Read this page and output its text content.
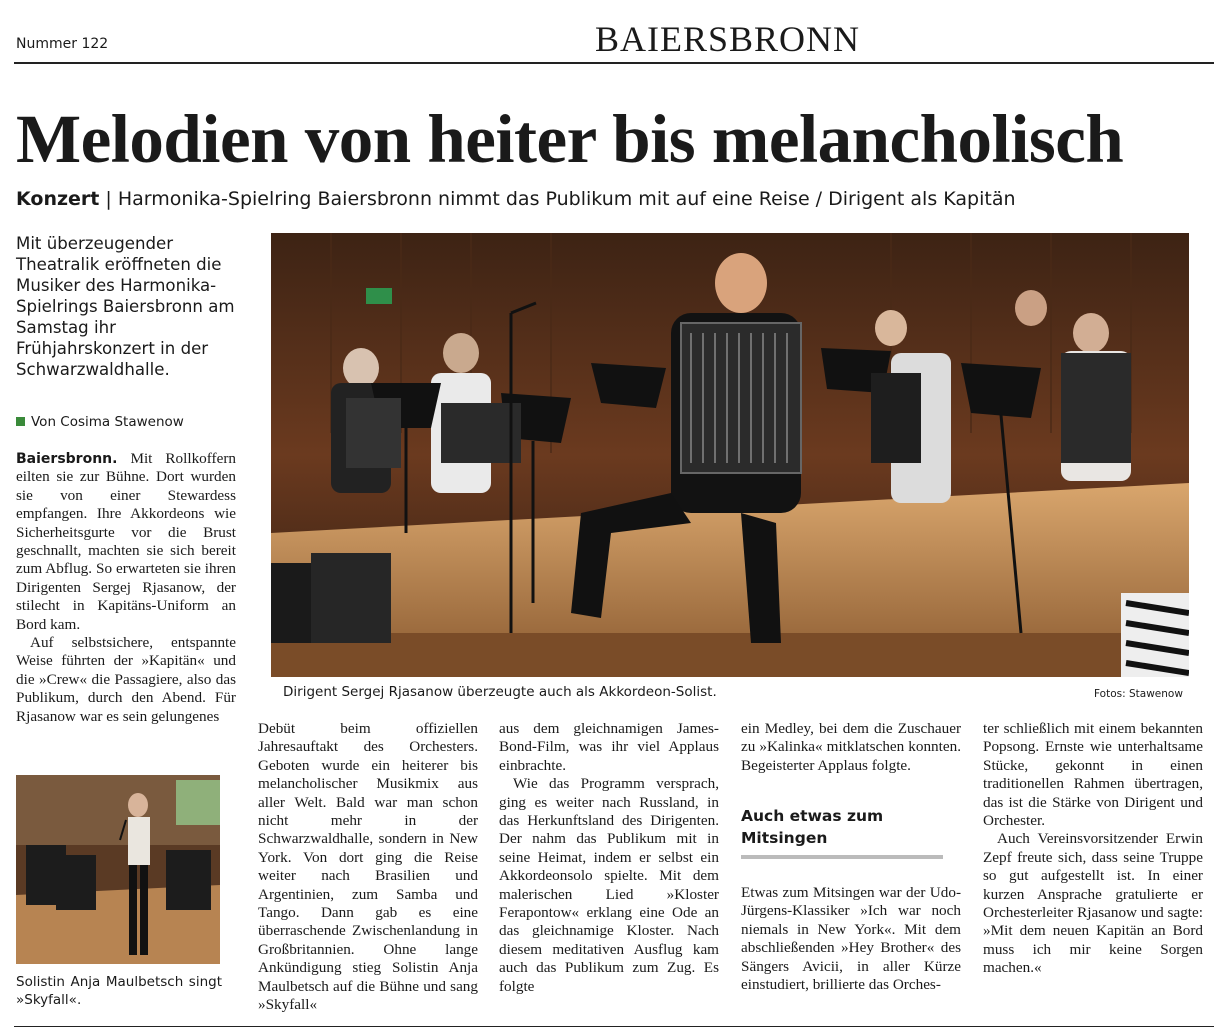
Nummer 122	BAIERSBRONN
Melodien von heiter bis melancholisch
Konzert | Harmonika-Spielring Baiersbronn nimmt das Publikum mit auf eine Reise / Dirigent als Kapitän
Mit überzeugender Theatralik eröffneten die Musiker des Harmonika-Spielrings Baiersbronn am Samstag ihr Frühjahrskonzert in der Schwarzwaldhalle.
Von Cosima Stawenow

Baiersbronn. Mit Rollkoffern eilten sie zur Bühne. Dort wurden sie von einer Stewardess empfangen. Ihre Akkordeons wie Sicherheitsgurte vor die Brust geschnallt, machten sie sich bereit zum Abflug. So erwarteten sie ihren Dirigenten Sergej Rjasanow, der stilecht in Kapitäns-Uniform an Bord kam.

Auf selbstsichere, entspannte Weise führten der »Kapitän« und die »Crew« die Passagiere, also das Publikum, durch den Abend. Für Rjasanow war es sein gelungenes

Dirigent Sergej Rjasanow überzeugte auch als Akkordeon-Solist.	Fotos: Stawenow
Solistin Anja Maulbetsch singt »Skyfall«.

Debüt beim offiziellen Jahresauftakt des Orchesters. Geboten wurde ein heiterer bis melancholischer Musikmix aus aller Welt. Bald war man schon nicht mehr in der Schwarzwaldhalle, sondern in New York. Von dort ging die Reise weiter nach Brasilien und Argentinien, zum Samba und Tango. Dann gab es eine überraschende Zwischenlandung in Großbritannien. Ohne lange Ankündigung stieg Solistin Anja Maulbetsch auf die Bühne und sang »Skyfall«

aus dem gleichnamigen James-Bond-Film, was ihr viel Applaus einbrachte.

Wie das Programm versprach, ging es weiter nach Russland, in das Herkunftsland des Dirigenten. Der nahm das Publikum mit in seine Heimat, indem er selbst ein Akkordeonsolo spielte. Mit dem malerischen Lied »Kloster Ferapontow« erklang eine Ode an das gleichnamige Kloster. Nach diesem meditativen Ausflug kam auch das Publikum zum Zug. Es folgte

ein Medley, bei dem die Zuschauer zu »Kalinka« mitklatschen konnten. Begeisterter Applaus folgte.

Auch etwas zum Mitsingen

Etwas zum Mitsingen war der Udo-Jürgens-Klassiker »Ich war noch niemals in New York«. Mit dem abschließenden »Hey Brother« des Sängers Avicii, in aller Kürze einstudiert, brillierte das Orches-

ter schließlich mit einem bekannten Popsong. Ernste wie unterhaltsame Stücke, gekonnt in einen traditionellen Rahmen übertragen, das ist die Stärke von Dirigent und Orchester.

Auch Vereinsvorsitzender Erwin Zepf freute sich, dass seine Truppe so gut aufgestellt ist. In einer kurzen Ansprache gratulierte er Orchesterleiter Rjasanow und sagte: »Mit dem neuen Kapitän an Bord muss ich mir keine Sorgen machen.«
